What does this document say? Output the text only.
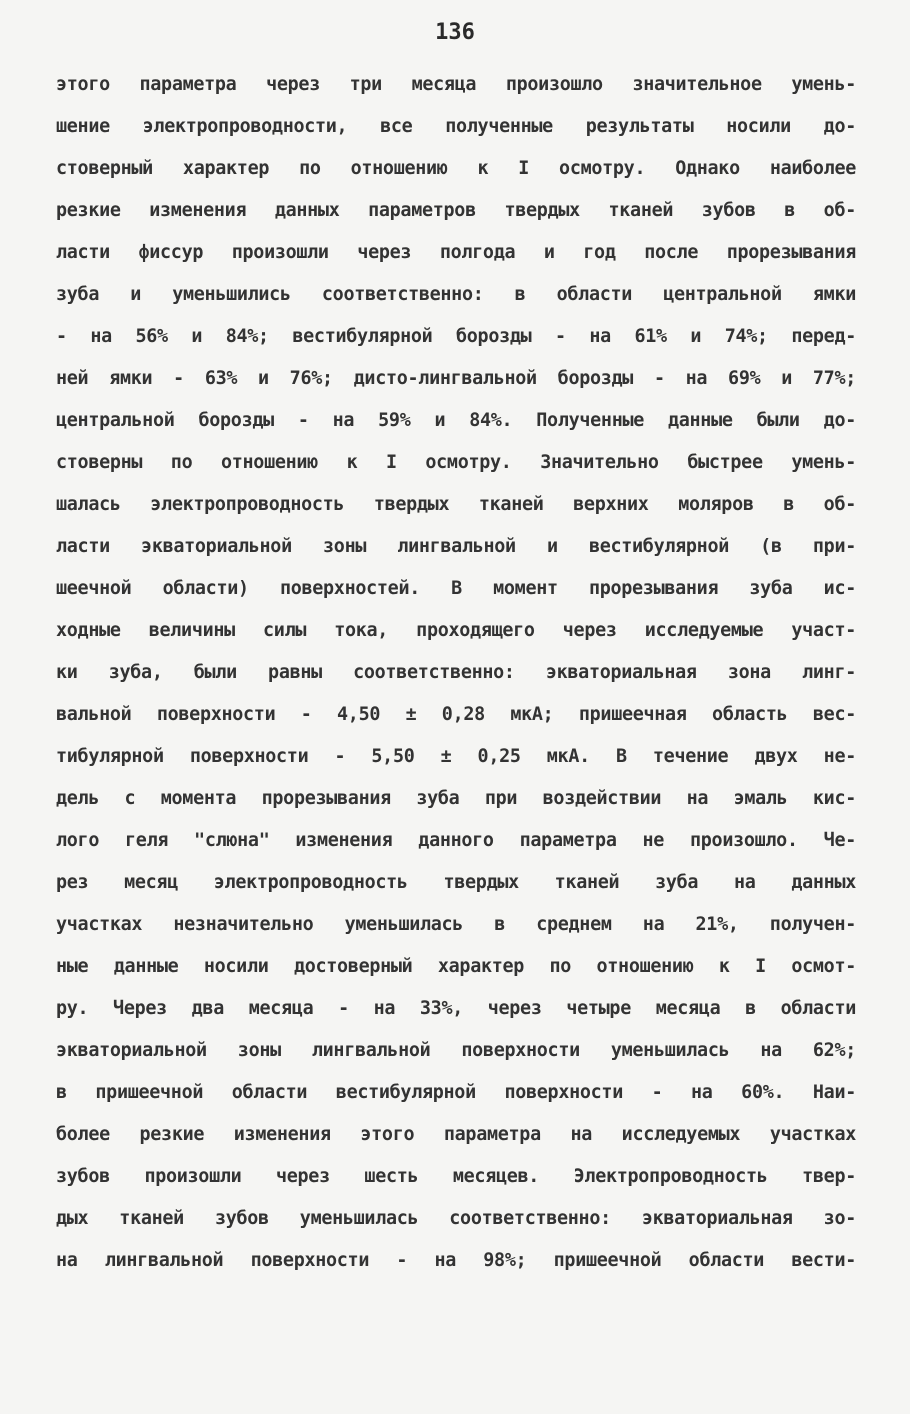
136
этого параметра через три месяца произошло значительное умень-
шение электропроводности, все полученные результаты носили до-
стоверный характер по отношению к I осмотру. Однако наиболее
резкие изменения данных параметров твердых тканей зубов в об-
ласти фиссур произошли через полгода и год после прорезывания
зуба и уменьшились соответственно: в области центральной ямки
- на 56% и 84%; вестибулярной борозды - на 61% и 74%; перед-
ней ямки - 63% и 76%; дисто-лингвальной борозды - на 69% и 77%;
центральной борозды - на 59% и 84%. Полученные данные были до-
стоверны по отношению к I осмотру. Значительно быстрее умень-
шалась электропроводность твердых тканей верхних моляров в об-
ласти экваториальной зоны лингвальной и вестибулярной (в при-
шеечной области) поверхностей. В момент прорезывания зуба ис-
ходные величины силы тока, проходящего через исследуемые участ-
ки зуба, были равны соответственно: экваториальная зона линг-
вальной поверхности - 4,50 ± 0,28 мкА; пришеечная область вес-
тибулярной поверхности - 5,50 ± 0,25 мкА. В течение двух не-
дель с момента прорезывания зуба при воздействии на эмаль кис-
лого геля "слюна" изменения данного параметра не произошло. Че-
рез месяц электропроводность твердых тканей зуба на данных
участках незначительно уменьшилась в среднем на 21%, получен-
ные данные носили достоверный характер по отношению к I осмот-
ру. Через два месяца - на 33%, через четыре месяца в области
экваториальной зоны лингвальной поверхности уменьшилась на 62%;
в пришеечной области вестибулярной поверхности - на 60%. Наи-
более резкие изменения этого параметра на исследуемых участках
зубов произошли через шесть месяцев. Электропроводность твер-
дых тканей зубов уменьшилась соответственно: экваториальная зо-
на лингвальной поверхности - на 98%; пришеечной области вести-
